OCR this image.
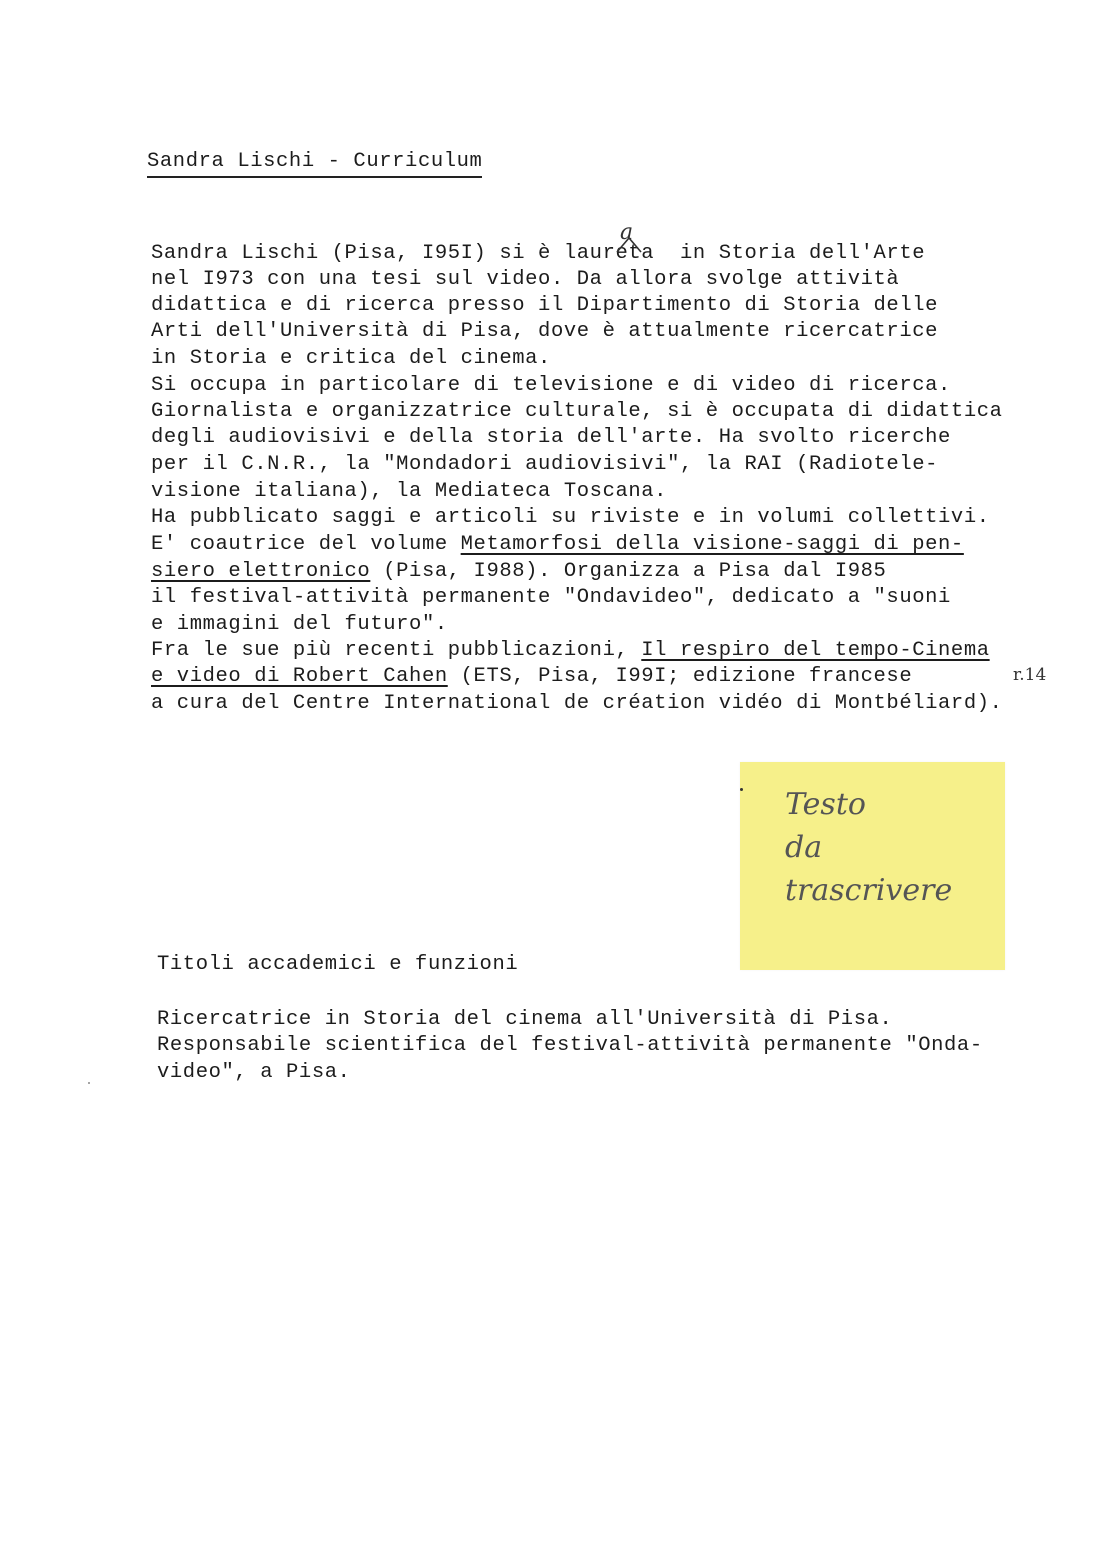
Sandra Lischi - Curriculum
Sandra Lischi (Pisa, I95I) si è laureta  in Storia dell'Arte
nel I973 con una tesi sul video. Da allora svolge attività
didattica e di ricerca presso il Dipartimento di Storia delle
Arti dell'Università di Pisa, dove è attualmente ricercatrice
in Storia e critica del cinema.
Si occupa in particolare di televisione e di video di ricerca.
Giornalista e organizzatrice culturale, si è occupata di didattica
degli audiovisivi e della storia dell'arte. Ha svolto ricerche
per il C.N.R., la "Mondadori audiovisivi", la RAI (Radiotele-
visione italiana), la Mediateca Toscana.
Ha pubblicato saggi e articoli su riviste e in volumi collettivi.
E' coautrice del volume Metamorfosi della visione-saggi di pen-
siero elettronico (Pisa, I988). Organizza a Pisa dal I985
il festival-attività permanente "Ondavideo", dedicato a "suoni
e immagini del futuro".
Fra le sue più recenti pubblicazioni, Il respiro del tempo-Cinema
e video di Robert Cahen (ETS, Pisa, I99I; edizione francese
a cura del Centre International de création vidéo di Montbéliard).
a
r.14
Testo
da
trascrivere
Titoli accademici e funzioni
Ricercatrice in Storia del cinema all'Università di Pisa.
Responsabile scientifica del festival-attività permanente "Onda-
video", a Pisa.
